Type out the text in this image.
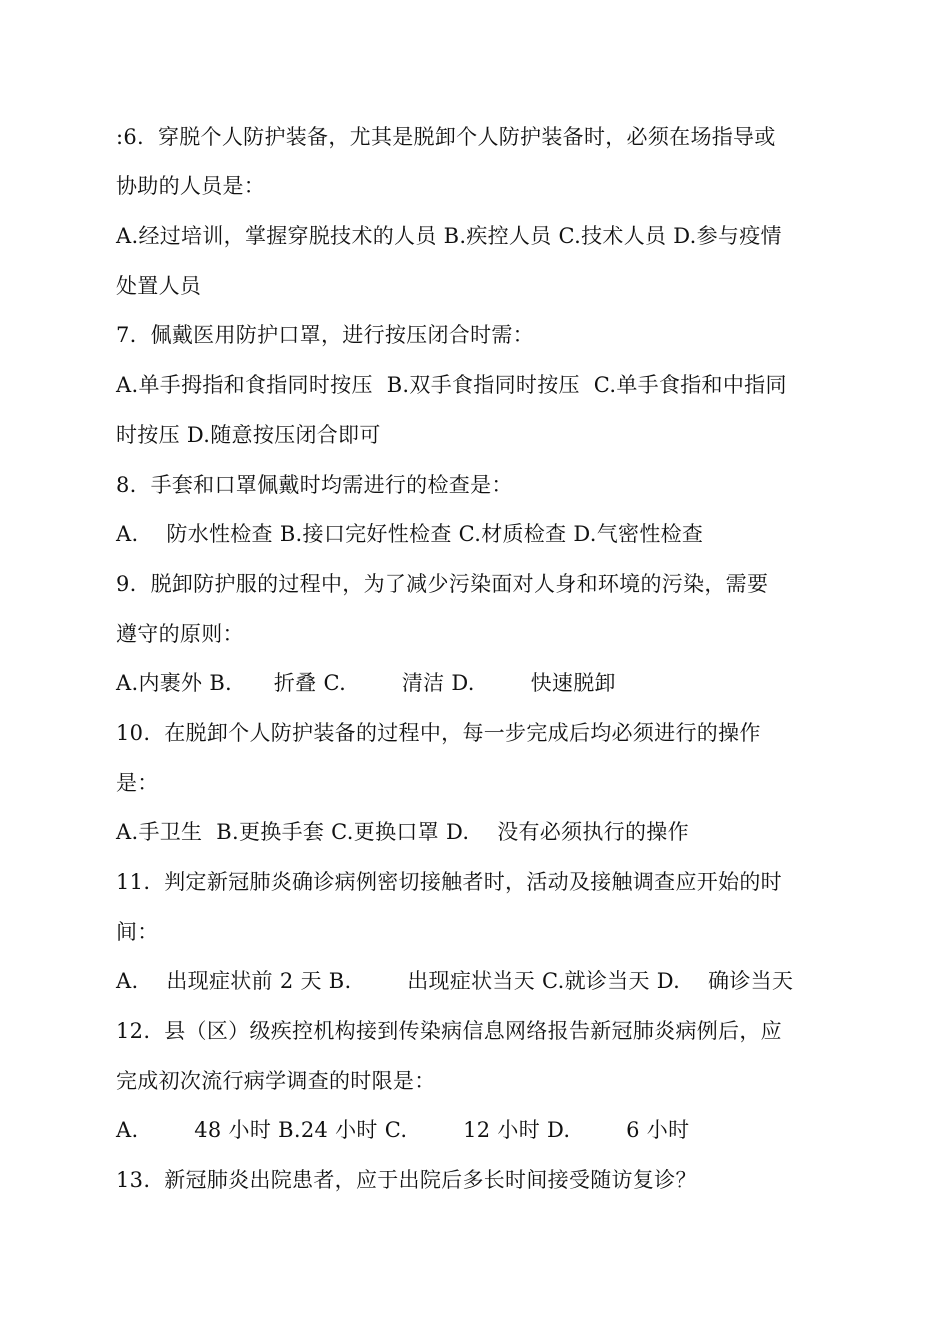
:6.  穿脱个人防护装备，尤其是脱卸个人防护装备时，必须在场指导或
协助的人员是：
A.经过培训，掌握穿脱技术的人员 B.疾控人员 C.技术人员 D.参与疫情
处置人员
7.  佩戴医用防护口罩，进行按压闭合时需：
A.单手拇指和食指同时按压  B.双手食指同时按压  C.单手食指和中指同
时按压 D.随意按压闭合即可
8.  手套和口罩佩戴时均需进行的检查是：
A.    防水性检查 B.接口完好性检查 C.材质检查 D.气密性检查
9.  脱卸防护服的过程中，为了减少污染面对人身和环境的污染，需要
遵守的原则：
A.内裹外 B.      折叠 C.        清洁 D.        快速脱卸
10.  在脱卸个人防护装备的过程中，每一步完成后均必须进行的操作
是：
A.手卫生  B.更换手套 C.更换口罩 D.    没有必须执行的操作
11.  判定新冠肺炎确诊病例密切接触者时，活动及接触调查应开始的时
间：
A.    出现症状前 2 天 B.        出现症状当天 C.就诊当天 D.    确诊当天
12.  县（区）级疾控机构接到传染病信息网络报告新冠肺炎病例后，应
完成初次流行病学调查的时限是：
A.        48 小时 B.24 小时 C.        12 小时 D.        6 小时
13.  新冠肺炎出院患者，应于出院后多长时间接受随访复诊？
